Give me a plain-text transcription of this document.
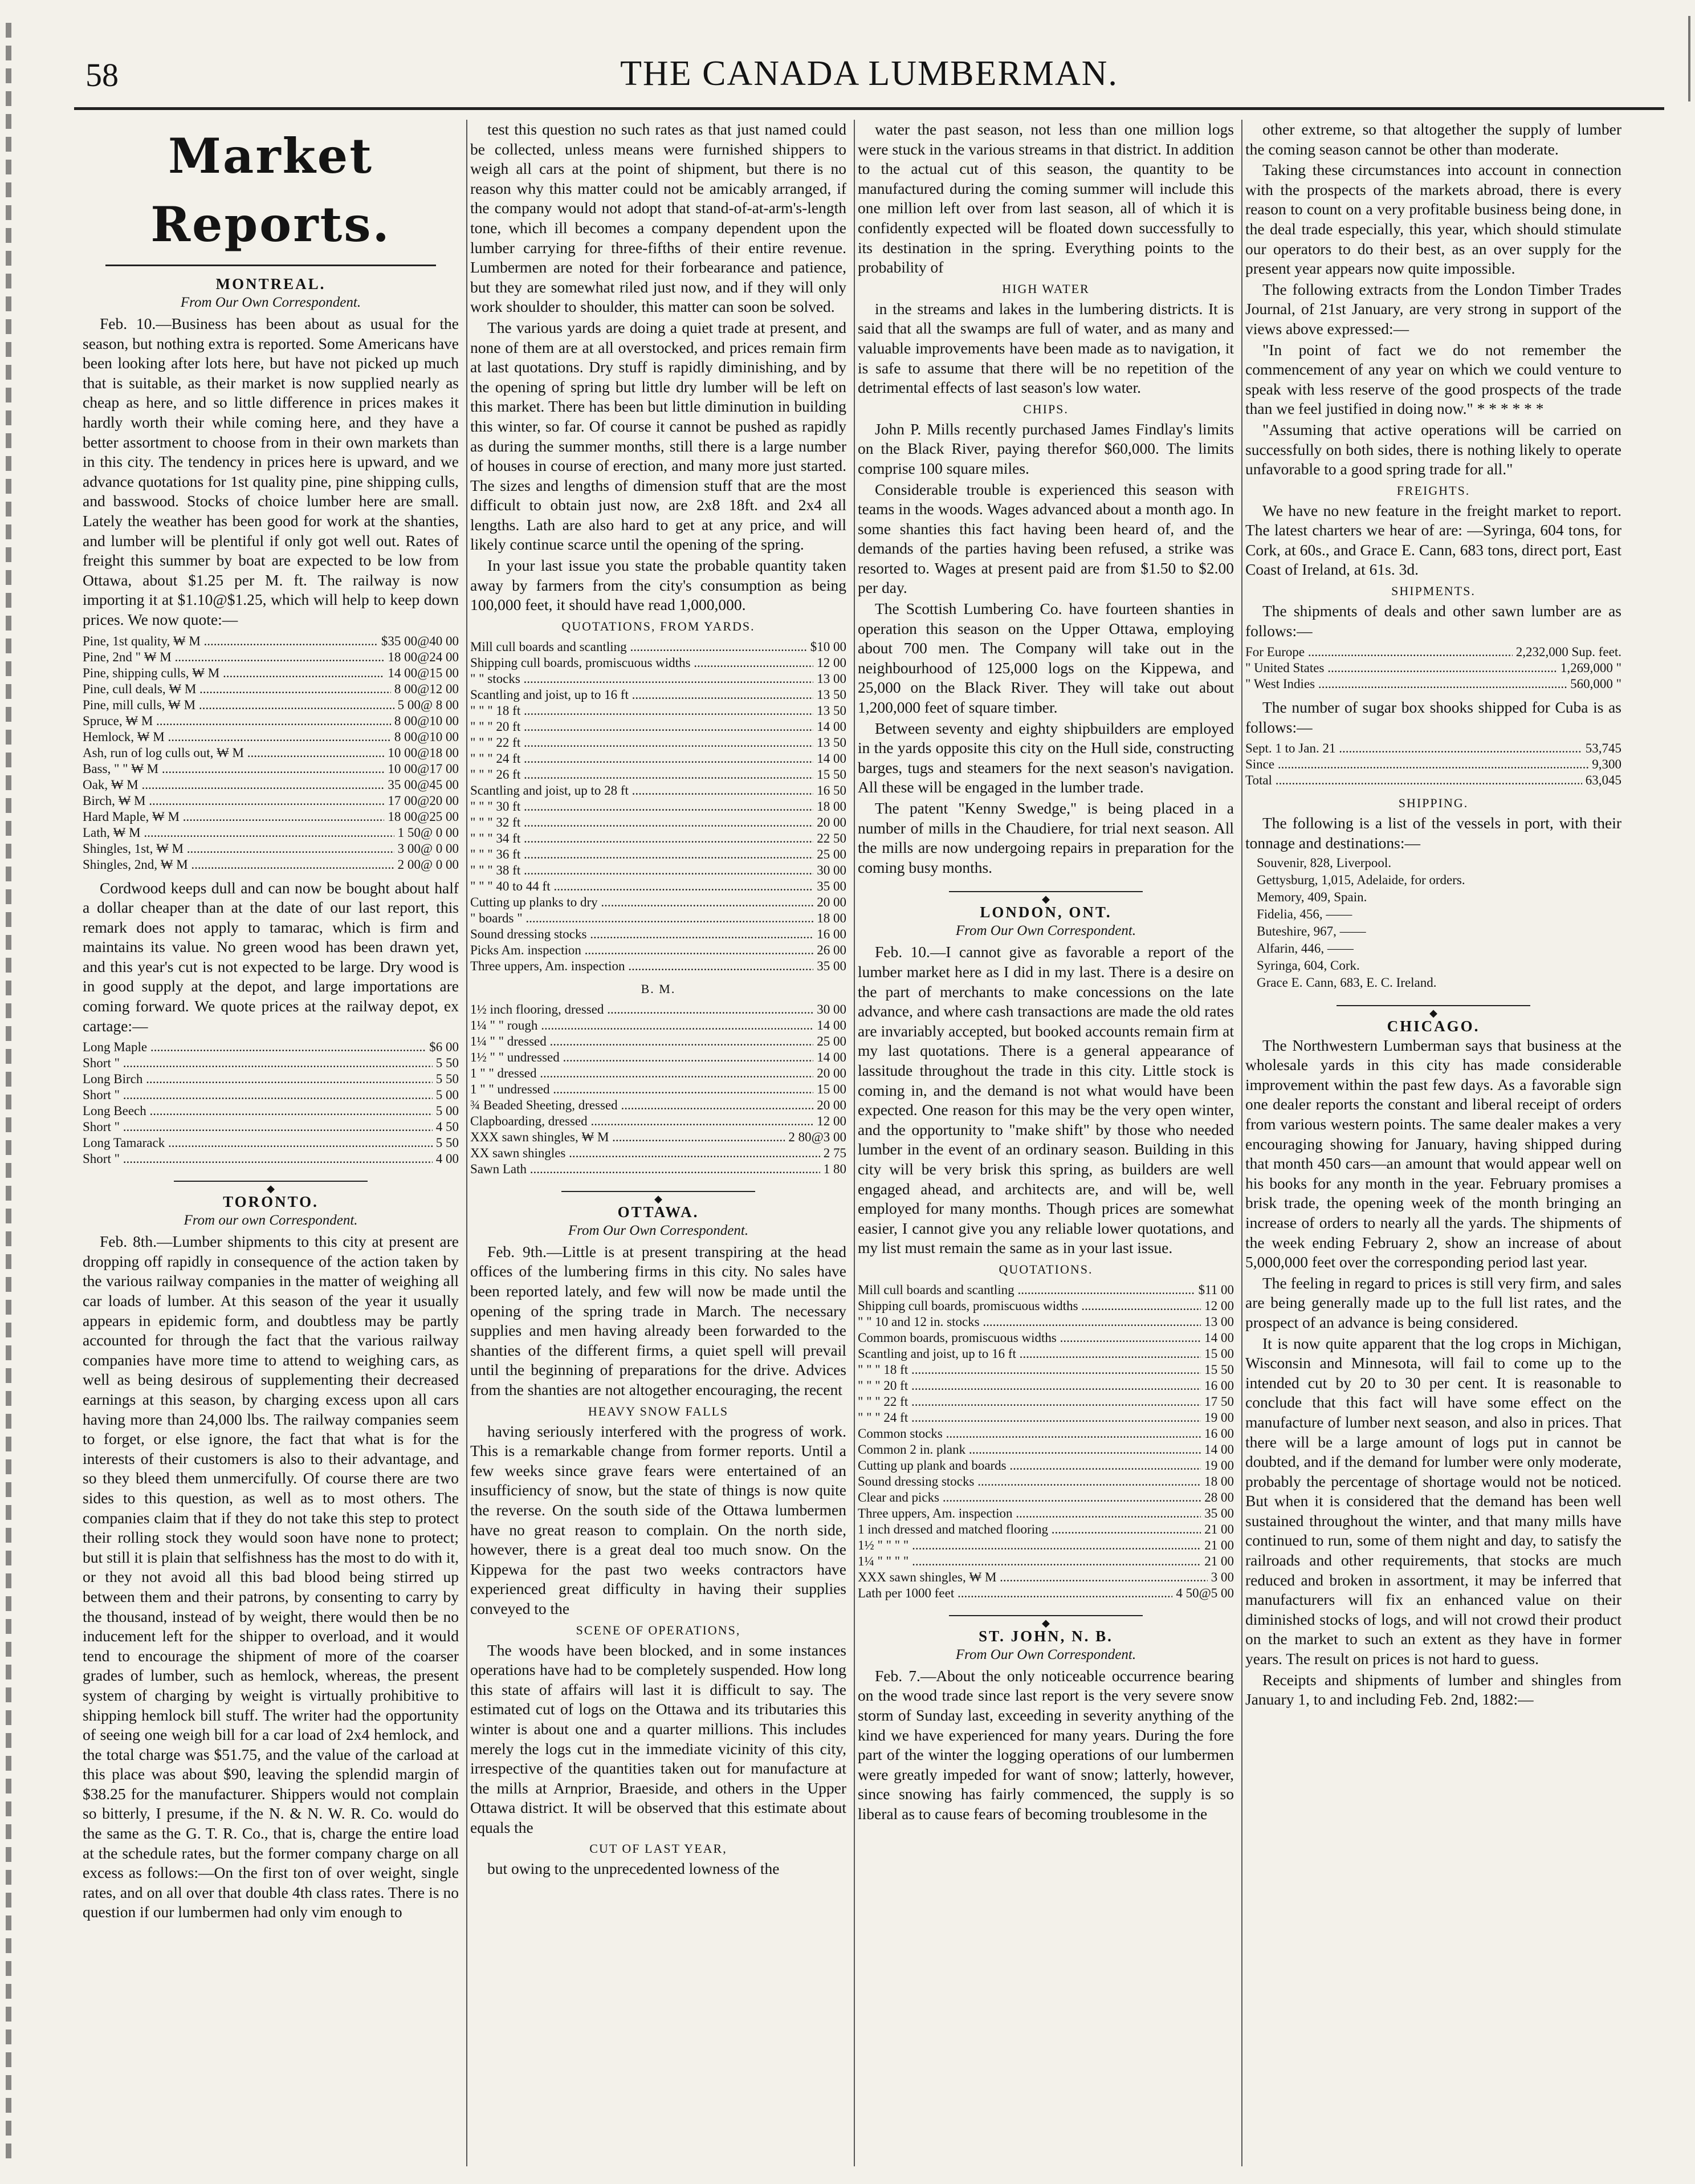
58	THE CANADA LUMBERMAN.
Market Reports.
MONTREAL.
From Our Own Correspondent.

Feb. 10.—Business has been about as usual for the season, but nothing extra is reported. Some Americans have been looking after lots here, but have not picked up much that is suitable, as their market is now supplied nearly as cheap as here, and so little difference in prices makes it hardly worth their while coming here, and they have a better assortment to choose from in their own markets than in this city. The tendency in prices here is upward, and we advance quotations for 1st quality pine, pine shipping culls, and basswood. Stocks of choice lumber here are small. Lately the weather has been good for work at the shanties, and lumber will be plentiful if only got well out. Rates of freight this summer by boat are expected to be low from Ottawa, about $1.25 per M. ft. The railway is now importing it at $1.10@$1.25, which will help to keep down prices. We now quote:—

Pine, 1st quality, ₩ M .....	$35 00@40 00
Pine, 2nd " ₩ M .....	18 00@24 00
Pine, shipping culls, ₩ M .....	14 00@15 00
Pine, cull deals, ₩ M .....	8 00@12 00
Pine, mill culls, ₩ M .....	5 00@ 8 00
Spruce, ₩ M .....	8 00@10 00
Hemlock, ₩ M .....	8 00@10 00
Ash, run of log culls out, ₩ M .....	10 00@18 00
Bass, " " ₩ M .....	10 00@17 00
Oak, ₩ M .....	35 00@45 00
Birch, ₩ M .....	17 00@20 00
Hard Maple, ₩ M .....	18 00@25 00
Lath, ₩ M .....	1 50@ 0 00
Shingles, 1st, ₩ M .....	3 00@ 0 00
Shingles, 2nd, ₩ M .....	2 00@ 0 00

Cordwood keeps dull and can now be bought about half a dollar cheaper than at the date of our last report, this remark does not apply to tamarac, which is firm and maintains its value. No green wood has been drawn yet, and this year's cut is not expected to be large. Dry wood is in good supply at the depot, and large importations are coming forward. We quote prices at the railway depot, ex cartage:—

Long Maple .....	$6 00
Short " .....	5 50
Long Birch .....	5 50
Short " .....	5 00
Long Beech .....	5 00
Short " .....	4 50
Long Tamarack .....	5 50
Short " .....	4 00
◆
TORONTO.
From our own Correspondent.

Feb. 8th.—Lumber shipments to this city at present are dropping off rapidly in consequence of the action taken by the various railway companies in the matter of weighing all car loads of lumber. At this season of the year it usually appears in epidemic form, and doubtless may be partly accounted for through the fact that the various railway companies have more time to attend to weighing cars, as well as being desirous of supplementing their decreased earnings at this season, by charging excess upon all cars having more than 24,000 lbs. The railway companies seem to forget, or else ignore, the fact that what is for the interests of their customers is also to their advantage, and so they bleed them unmercifully. Of course there are two sides to this question, as well as to most others. The companies claim that if they do not take this step to protect their rolling stock they would soon have none to protect; but still it is plain that selfishness has the most to do with it, or they not avoid all this bad blood being stirred up between them and their patrons, by consenting to carry by the thousand, instead of by weight, there would then be no inducement left for the shipper to overload, and it would tend to encourage the shipment of more of the coarser grades of lumber, such as hemlock, whereas, the present system of charging by weight is virtually prohibitive to shipping hemlock bill stuff. The writer had the opportunity of seeing one weigh bill for a car load of 2x4 hemlock, and the total charge was $51.75, and the value of the carload at this place was about $90, leaving the splendid margin of $38.25 for the manufacturer. Shippers would not complain so bitterly, I presume, if the N. & N. W. R. Co. would do the same as the G. T. R. Co., that is, charge the entire load at the schedule rates, but the former company charge on all excess as follows:—On the first ton of over weight, single rates, and on all over that double 4th class rates. There is no question if our lumbermen had only vim enough to

test this question no such rates as that just named could be collected, unless means were furnished shippers to weigh all cars at the point of shipment, but there is no reason why this matter could not be amicably arranged, if the company would not adopt that stand-of-at-arm's-length tone, which ill becomes a company dependent upon the lumber carrying for three-fifths of their entire revenue. Lumbermen are noted for their forbearance and patience, but they are somewhat riled just now, and if they will only work shoulder to shoulder, this matter can soon be solved.

The various yards are doing a quiet trade at present, and none of them are at all overstocked, and prices remain firm at last quotations. Dry stuff is rapidly diminishing, and by the opening of spring but little dry lumber will be left on this market. There has been but little diminution in building this winter, so far. Of course it cannot be pushed as rapidly as during the summer months, still there is a large number of houses in course of erection, and many more just started. The sizes and lengths of dimension stuff that are the most difficult to obtain just now, are 2x8 18ft. and 2x4 all lengths. Lath are also hard to get at any price, and will likely continue scarce until the opening of the spring.

In your last issue you state the probable quantity taken away by farmers from the city's consumption as being 100,000 feet, it should have read 1,000,000.

QUOTATIONS, FROM YARDS.
Mill cull boards and scantling .....	$10 00
Shipping cull boards, promiscuous widths .....	12 00
" " stocks .....	13 00
Scantling and joist, up to 16 ft .....	13 50
" " " 18 ft .....	13 50
" " " 20 ft .....	14 00
" " " 22 ft .....	13 50
" " " 24 ft .....	14 00
" " " 26 ft .....	15 50
Scantling and joist, up to 28 ft .....	16 50
" " " 30 ft .....	18 00
" " " 32 ft .....	20 00
" " " 34 ft .....	22 50
" " " 36 ft .....	25 00
" " " 38 ft .....	30 00
" " " 40 to 44 ft .....	35 00
Cutting up planks to dry .....	20 00
" boards " .....	18 00
Sound dressing stocks .....	16 00
Picks Am. inspection .....	26 00
Three uppers, Am. inspection .....	35 00
B. M.
1½ inch flooring, dressed .....	30 00
1¼ " " rough .....	14 00
1¼ " " dressed .....	25 00
1½ " " undressed .....	14 00
1 " " dressed .....	20 00
1 " " undressed .....	15 00
¾ Beaded Sheeting, dressed .....	20 00
Clapboarding, dressed .....	12 00
XXX sawn shingles, ₩ M .....	2 80@3 00
XX sawn shingles .....	2 75
Sawn Lath .....	1 80
◆
OTTAWA.
From Our Own Correspondent.

Feb. 9th.—Little is at present transpiring at the head offices of the lumbering firms in this city. No sales have been reported lately, and few will now be made until the opening of the spring trade in March. The necessary supplies and men having already been forwarded to the shanties of the different firms, a quiet spell will prevail until the beginning of preparations for the drive. Advices from the shanties are not altogether encouraging, the recent

HEAVY SNOW FALLS

having seriously interfered with the progress of work. This is a remarkable change from former reports. Until a few weeks since grave fears were entertained of an insufficiency of snow, but the state of things is now quite the reverse. On the south side of the Ottawa lumbermen have no great reason to complain. On the north side, however, there is a great deal too much snow. On the Kippewa for the past two weeks contractors have experienced great difficulty in having their supplies conveyed to the

SCENE OF OPERATIONS,

The woods have been blocked, and in some instances operations have had to be completely suspended. How long this state of affairs will last it is difficult to say. The estimated cut of logs on the Ottawa and its tributaries this winter is about one and a quarter millions. This includes merely the logs cut in the immediate vicinity of this city, irrespective of the quantities taken out for manufacture at the mills at Arnprior, Braeside, and others in the Upper Ottawa district. It will be observed that this estimate about equals the

CUT OF LAST YEAR,

but owing to the unprecedented lowness of the

water the past season, not less than one million logs were stuck in the various streams in that district. In addition to the actual cut of this season, the quantity to be manufactured during the coming summer will include this one million left over from last season, all of which it is confidently expected will be floated down successfully to its destination in the spring. Everything points to the probability of

HIGH WATER

in the streams and lakes in the lumbering districts. It is said that all the swamps are full of water, and as many and valuable improvements have been made as to navigation, it is safe to assume that there will be no repetition of the detrimental effects of last season's low water.

CHIPS.

John P. Mills recently purchased James Findlay's limits on the Black River, paying therefor $60,000. The limits comprise 100 square miles.

Considerable trouble is experienced this season with teams in the woods. Wages advanced about a month ago. In some shanties this fact having been heard of, and the demands of the parties having been refused, a strike was resorted to. Wages at present paid are from $1.50 to $2.00 per day.

The Scottish Lumbering Co. have fourteen shanties in operation this season on the Upper Ottawa, employing about 700 men. The Company will take out in the neighbourhood of 125,000 logs on the Kippewa, and 25,000 on the Black River. They will take out about 1,200,000 feet of square timber.

Between seventy and eighty shipbuilders are employed in the yards opposite this city on the Hull side, constructing barges, tugs and steamers for the next season's navigation. All these will be engaged in the lumber trade.

The patent "Kenny Swedge," is being placed in a number of mills in the Chaudiere, for trial next season. All the mills are now undergoing repairs in preparation for the coming busy months.

◆
LONDON, ONT.
From Our Own Correspondent.

Feb. 10.—I cannot give as favorable a report of the lumber market here as I did in my last. There is a desire on the part of merchants to make concessions on the late advance, and where cash transactions are made the old rates are invariably accepted, but booked accounts remain firm at my last quotations. There is a general appearance of lassitude throughout the trade in this city. Little stock is coming in, and the demand is not what would have been expected. One reason for this may be the very open winter, and the opportunity to "make shift" by those who needed lumber in the event of an ordinary season. Building in this city will be very brisk this spring, as builders are well engaged ahead, and architects are, and will be, well employed for many months. Though prices are somewhat easier, I cannot give you any reliable lower quotations, and my list must remain the same as in your last issue.

QUOTATIONS.
Mill cull boards and scantling .....	$11 00
Shipping cull boards, promiscuous widths .....	12 00
" " 10 and 12 in. stocks .....	13 00
Common boards, promiscuous widths .....	14 00
Scantling and joist, up to 16 ft .....	15 00
" " " 18 ft .....	15 50
" " " 20 ft .....	16 00
" " " 22 ft .....	17 50
" " " 24 ft .....	19 00
Common stocks .....	16 00
Common 2 in. plank .....	14 00
Cutting up plank and boards .....	19 00
Sound dressing stocks .....	18 00
Clear and picks .....	28 00
Three uppers, Am. inspection .....	35 00
1 inch dressed and matched flooring .....	21 00
1½ " " " " .....	21 00
1¼ " " " " .....	21 00
XXX sawn shingles, ₩ M .....	3 00
Lath per 1000 feet .....	4 50@5 00
◆
ST. JOHN, N. B.
From Our Own Correspondent.

Feb. 7.—About the only noticeable occurrence bearing on the wood trade since last report is the very severe snow storm of Sunday last, exceeding in severity anything of the kind we have experienced for many years. During the fore part of the winter the logging operations of our lumbermen were greatly impeded for want of snow; latterly, however, since snowing has fairly commenced, the supply is so liberal as to cause fears of becoming troublesome in the

other extreme, so that altogether the supply of lumber the coming season cannot be other than moderate.

Taking these circumstances into account in connection with the prospects of the markets abroad, there is every reason to count on a very profitable business being done, in the deal trade especially, this year, which should stimulate our operators to do their best, as an over supply for the present year appears now quite impossible.

The following extracts from the London Timber Trades Journal, of 21st January, are very strong in support of the views above expressed:—

"In point of fact we do not remember the commencement of any year on which we could venture to speak with less reserve of the good prospects of the trade than we feel justified in doing now." * * * * * *

"Assuming that active operations will be carried on successfully on both sides, there is nothing likely to operate unfavorable to a good spring trade for all."

FREIGHTS.

We have no new feature in the freight market to report. The latest charters we hear of are: —Syringa, 604 tons, for Cork, at 60s., and Grace E. Cann, 683 tons, direct port, East Coast of Ireland, at 61s. 3d.

SHIPMENTS.

The shipments of deals and other sawn lumber are as follows:—

For Europe .....	2,232,000 Sup. feet.
" United States .....	1,269,000 "
" West Indies .....	560,000 "

The number of sugar box shooks shipped for Cuba is as follows:—

Sept. 1 to Jan. 21 .....	53,745
Since .....	9,300
Total .....	63,045
SHIPPING.

The following is a list of the vessels in port, with their tonnage and destinations:—

Souvenir, 828, Liverpool.
Gettysburg, 1,015, Adelaide, for orders.
Memory, 409, Spain.
Fidelia, 456, ——
Buteshire, 967, ——
Alfarin, 446, ——
Syringa, 604, Cork.
Grace E. Cann, 683, E. C. Ireland.
◆
CHICAGO.

The Northwestern Lumberman says that business at the wholesale yards in this city has made considerable improvement within the past few days. As a favorable sign one dealer reports the constant and liberal receipt of orders from various western points. The same dealer makes a very encouraging showing for January, having shipped during that month 450 cars—an amount that would appear well on his books for any month in the year. February promises a brisk trade, the opening week of the month bringing an increase of orders to nearly all the yards. The shipments of the week ending February 2, show an increase of about 5,000,000 feet over the corresponding period last year.

The feeling in regard to prices is still very firm, and sales are being generally made up to the full list rates, and the prospect of an advance is being considered.

It is now quite apparent that the log crops in Michigan, Wisconsin and Minnesota, will fail to come up to the intended cut by 20 to 30 per cent. It is reasonable to conclude that this fact will have some effect on the manufacture of lumber next season, and also in prices. That there will be a large amount of logs put in cannot be doubted, and if the demand for lumber were only moderate, probably the percentage of shortage would not be noticed. But when it is considered that the demand has been well sustained throughout the winter, and that many mills have continued to run, some of them night and day, to satisfy the railroads and other requirements, that stocks are much reduced and broken in assortment, it may be inferred that manufacturers will fix an enhanced value on their diminished stocks of logs, and will not crowd their product on the market to such an extent as they have in former years. The result on prices is not hard to guess.

Receipts and shipments of lumber and shingles from January 1, to and including Feb. 2nd, 1882:—
